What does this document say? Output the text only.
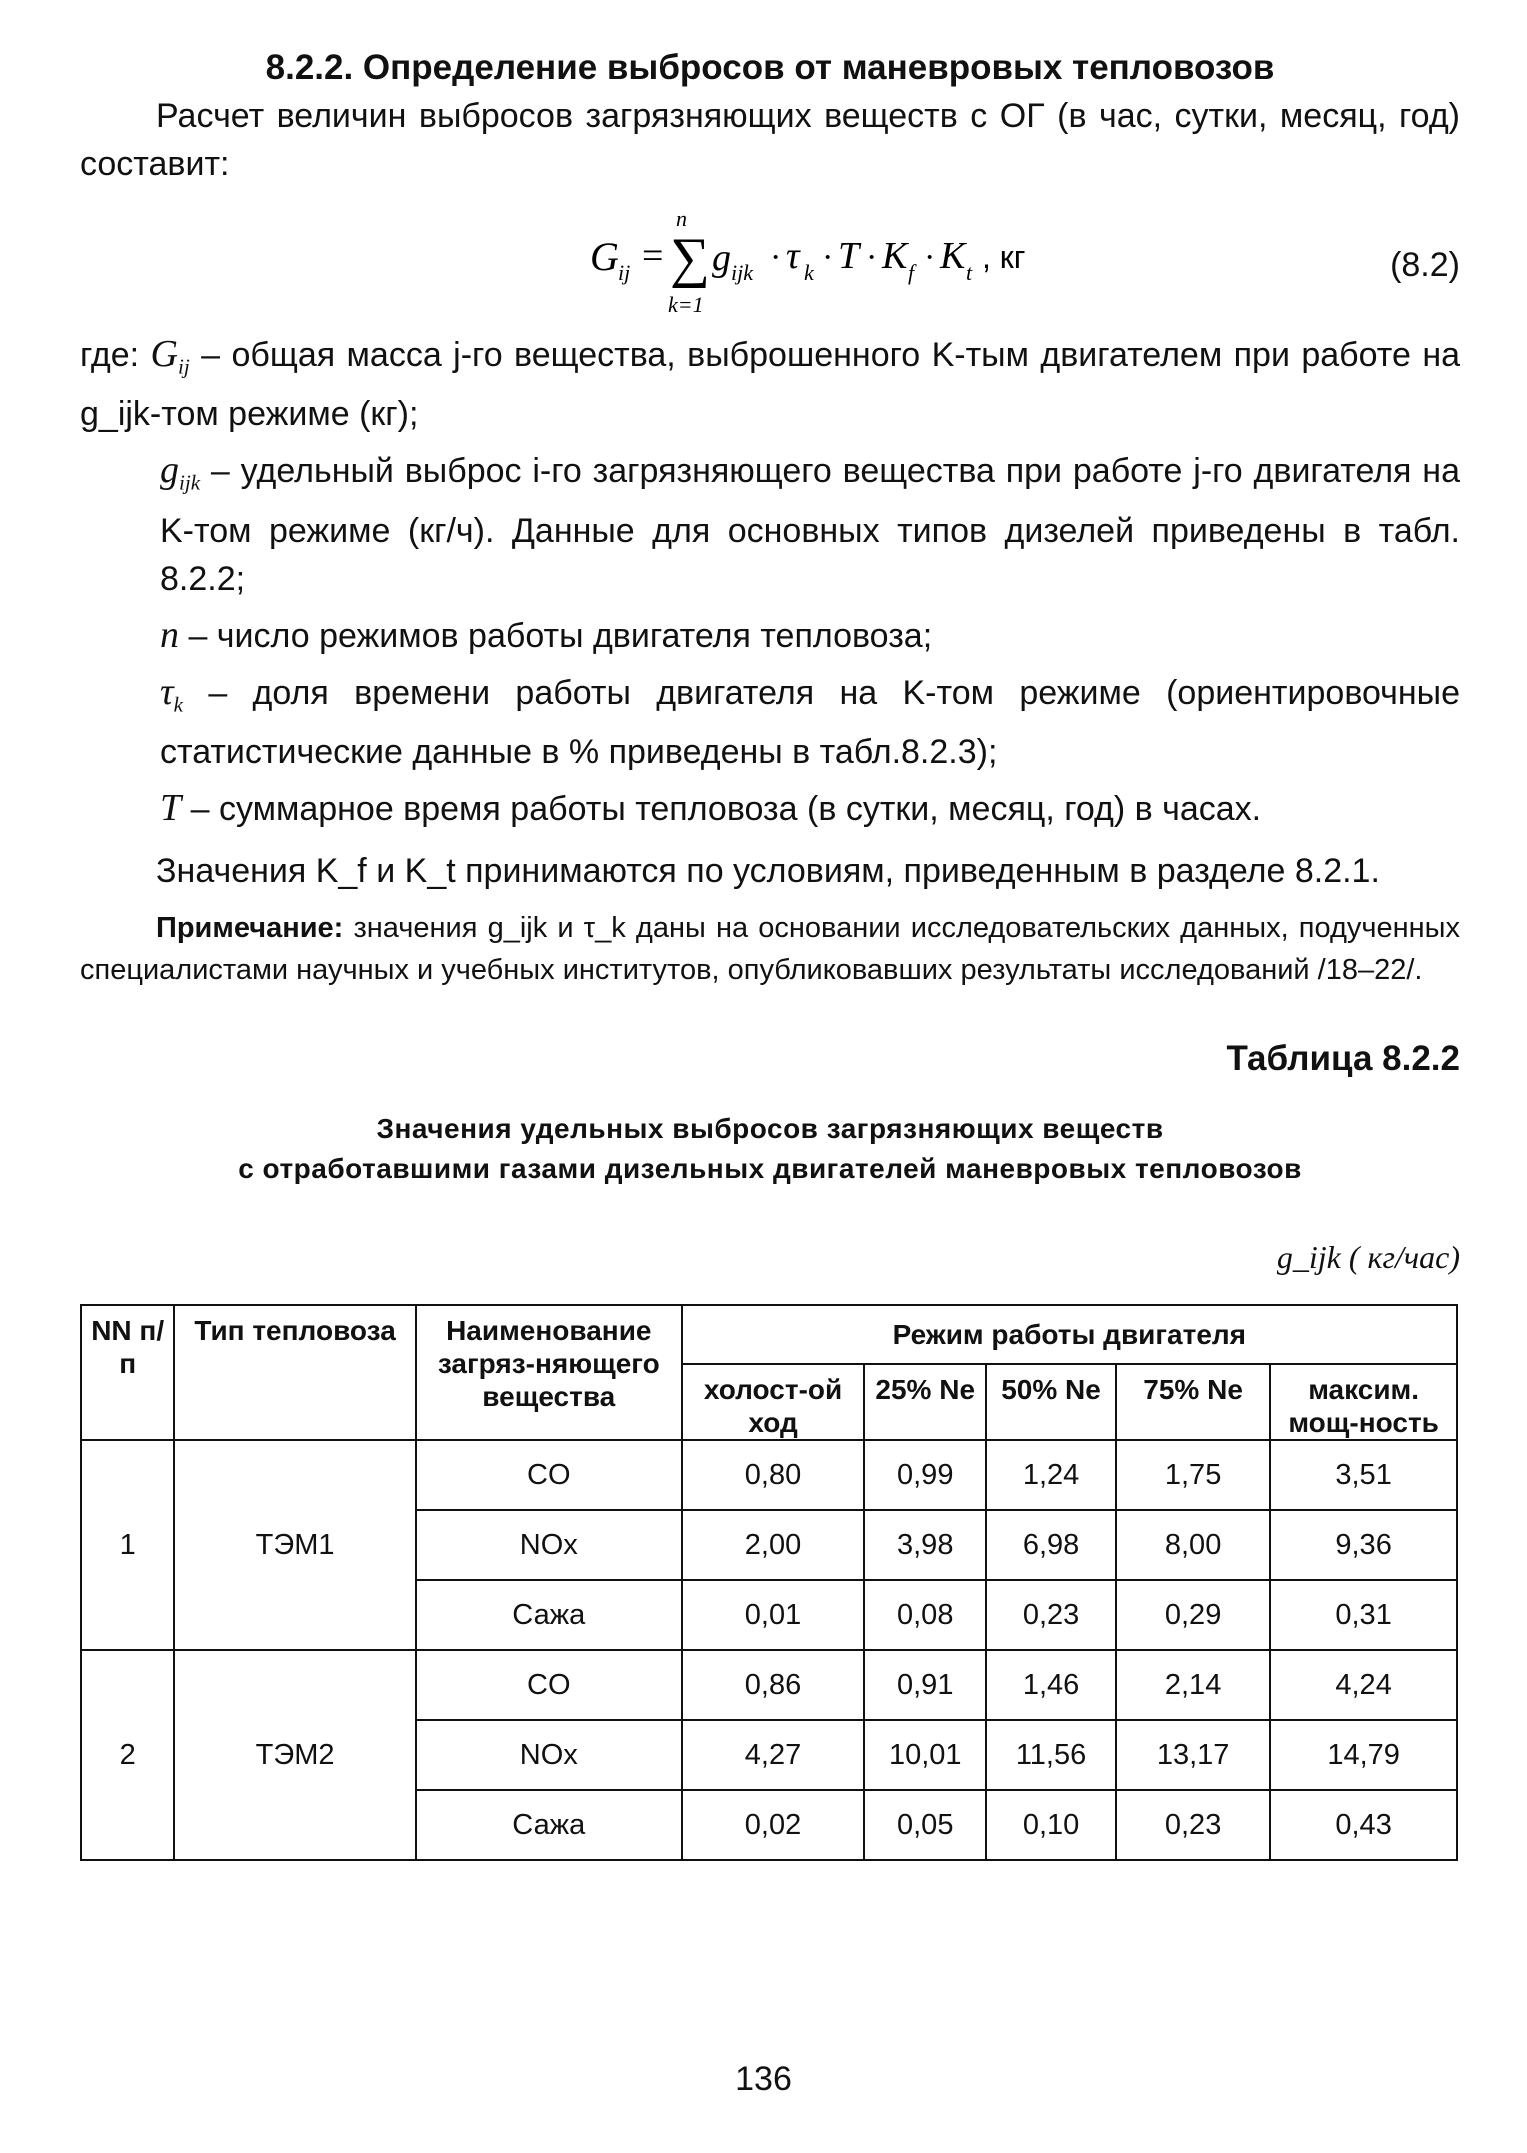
8.2.2. Определение выбросов от маневровых тепловозов

Расчет величин выбросов загрязняющих веществ с ОГ (в час, сутки, месяц, год) составит:

G ij =
n
∑
k=1
g ijk · τ k · T · K f · K t , кг	(8.2)

где: $G_{ij}$ – общая масса j-го вещества, выброшенного K-тым двигателем при работе на g_ijk-том режиме (кг);

$g_{ijk}$ – удельный выброс i-го загрязняющего вещества при работе j-го двигателя на K-том режиме (кг/ч). Данные для основных типов дизелей приведены в табл. 8.2.2;

n – число режимов работы двигателя тепловоза;

$\tau_k$ – доля времени работы двигателя на K-том режиме (ориентировочные статистические данные в % приведены в табл.8.2.3);

T – суммарное время работы тепловоза (в сутки, месяц, год) в часах.

Значения K_f и K_t принимаются по условиям, приведенным в разделе 8.2.1.

Примечание: значения g_ijk и τ_k даны на основании исследовательских данных, подученных специалистами научных и учебных институтов, опубликовавших результаты исследований /18–22/.

Таблица 8.2.2

Значения удельных выбросов загрязняющих веществ
с отработавшими газами дизельных двигателей маневровых тепловозов

g_ijk ( кг/час)

NN п/п	Тип тепловоза	Наименование загряз-няющего вещества	Режим работы двигателя				
			холост-ой ход	25% Ne	50% Ne	75% Ne	максим. мощ-ность
1	ТЭМ1	CO	0,80	0,99	1,24	1,75	3,51
		NOx	2,00	3,98	6,98	8,00	9,36
		Сажа	0,01	0,08	0,23	0,29	0,31
2	ТЭМ2	CO	0,86	0,91	1,46	2,14	4,24
		NOx	4,27	10,01	11,56	13,17	14,79
		Сажа	0,02	0,05	0,10	0,23	0,43
136
